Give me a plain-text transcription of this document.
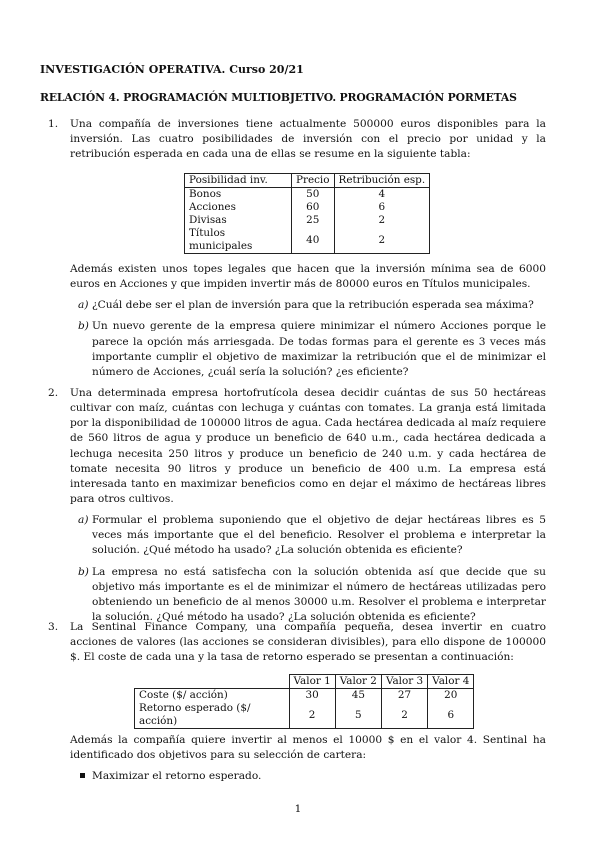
INVESTIGACIÓN OPERATIVA. Curso 20/21
RELACIÓN 4. PROGRAMACIÓN MULTIOBJETIVO. PROGRAMACIÓN PORMETAS
1. Una compañía de inversiones tiene actualmente 500000 euros disponibles para la inversión. Las cuatro posibilidades de inversión con el precio por unidad y la retribución esperada en cada una de ellas se resume en la siguiente tabla:
Posibilidad inv.	Precio	Retribución esp.
Bonos	50	4
Acciones	60	6
Divisas	25	2
Títulos municipales	40	2
Además existen unos topes legales que hacen que la inversión mínima sea de 6000 euros en Acciones y que impiden invertir más de 80000 euros en Títulos municipales.
a) ¿Cuál debe ser el plan de inversión para que la retribución esperada sea máxima?
b) Un nuevo gerente de la empresa quiere minimizar el número Acciones porque le parece la opción más arriesgada. De todas formas para el gerente es 3 veces más importante cumplir el objetivo de maximizar la retribución que el de minimizar el número de Acciones, ¿cuál sería la solución? ¿es eficiente?
2. Una determinada empresa hortofrutícola desea decidir cuántas de sus 50 hectáreas cultivar con maíz, cuántas con lechuga y cuántas con tomates. La granja está limitada por la disponibilidad de 100000 litros de agua. Cada hectárea dedicada al maíz requiere de 560 litros de agua y produce un beneficio de 640 u.m., cada hectárea dedicada a lechuga necesita 250 litros y produce un beneficio de 240 u.m. y cada hectárea de tomate necesita 90 litros y produce un beneficio de 400 u.m. La empresa está interesada tanto en maximizar beneficios como en dejar el máximo de hectáreas libres para otros cultivos.
a) Formular el problema suponiendo que el objetivo de dejar hectáreas libres es 5 veces más importante que el del beneficio. Resolver el problema e interpretar la solución. ¿Qué método ha usado? ¿La solución obtenida es eficiente?
b) La empresa no está satisfecha con la solución obtenida así que decide que su objetivo más importante es el de minimizar el número de hectáreas utilizadas pero obteniendo un beneficio de al menos 30000 u.m. Resolver el problema e interpretar la solución. ¿Qué método ha usado? ¿La solución obtenida es eficiente?
3. La Sentinal Finance Company, una compañía pequeña, desea invertir en cuatro acciones de valores (las acciones se consideran divisibles), para ello dispone de 100000 $. El coste de cada una y la tasa de retorno esperado se presentan a continuación:
	Valor 1	Valor 2	Valor 3	Valor 4
Coste ($/ acción)	30	45	27	20
Retorno esperado ($/ acción)	2	5	2	6
Además la compañía quiere invertir al menos el 10000 $ en el valor 4. Sentinal ha identificado dos objetivos para su selección de cartera:
Maximizar el retorno esperado.
1
